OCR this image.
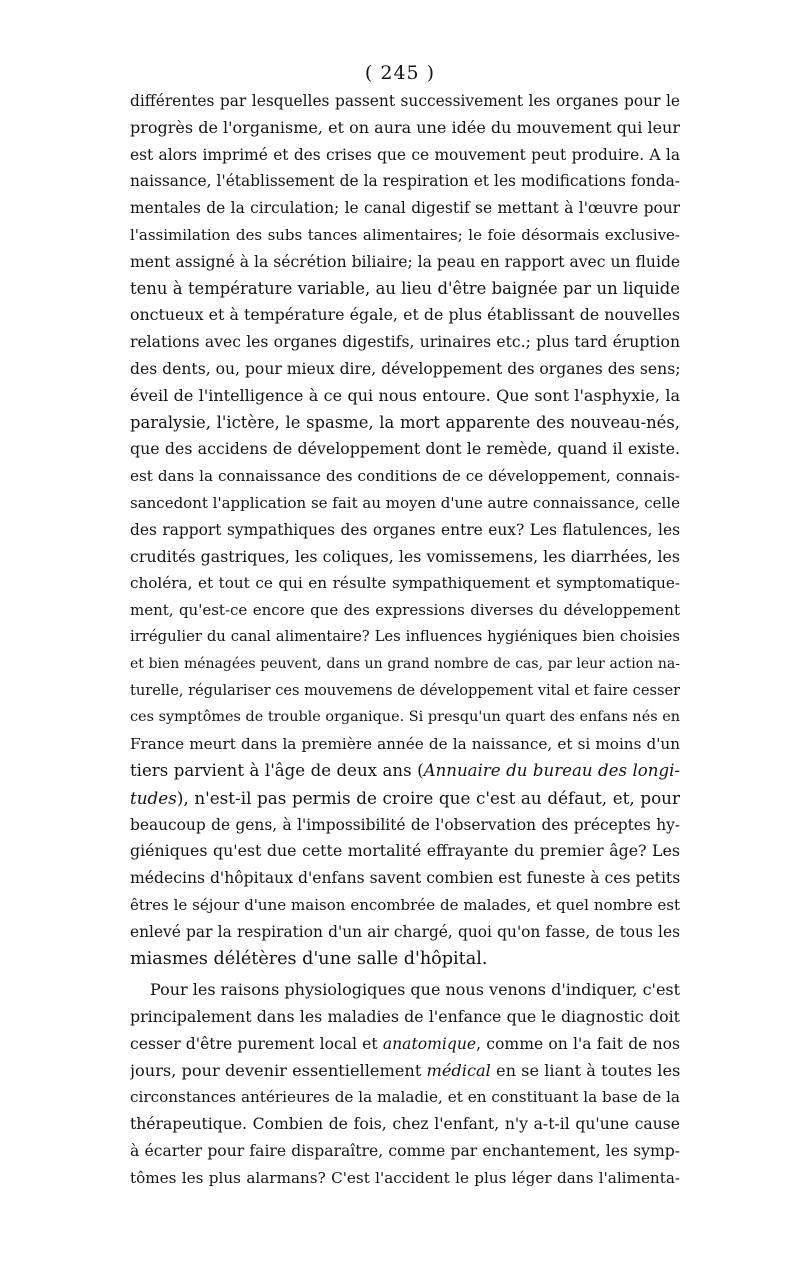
( 245 )
différentes par lesquelles passent successivement les organes pour le
progrès de l'organisme, et on aura une idée du mouvement qui leur
est alors imprimé et des crises que ce mouvement peut produire. A la
naissance, l'établissement de la respiration et les modifications fonda-
mentales de la circulation; le canal digestif se mettant à l'œuvre pour
l'assimilation des subs tances alimentaires; le foie désormais exclusive-
ment assigné à la sécrétion biliaire; la peau en rapport avec un fluide
tenu à température variable, au lieu d'être baignée par un liquide
onctueux et à température égale, et de plus établissant de nouvelles
relations avec les organes digestifs, urinaires etc.; plus tard éruption
des dents, ou, pour mieux dire, développement des organes des sens;
éveil de l'intelligence à ce qui nous entoure. Que sont l'asphyxie, la
paralysie, l'ictère, le spasme, la mort apparente des nouveau-nés,
que des accidens de développement dont le remède, quand il existe.
est dans la connaissance des conditions de ce développement, connais-
sancedont l'application se fait au moyen d'une autre connaissance, celle
des rapport sympathiques des organes entre eux? Les flatulences, les
crudités gastriques, les coliques, les vomissemens, les diarrhées, les
choléra, et tout ce qui en résulte sympathiquement et symptomatique-
ment, qu'est-ce encore que des expressions diverses du développement
irrégulier du canal alimentaire? Les influences hygiéniques bien choisies
et bien ménagées peuvent, dans un grand nombre de cas, par leur action na-
turelle, régulariser ces mouvemens de développement vital et faire cesser
ces symptômes de trouble organique. Si presqu'un quart des enfans nés en
France meurt dans la première année de la naissance, et si moins d'un
tiers parvient à l'âge de deux ans (Annuaire du bureau des longi-
tudes), n'est-il pas permis de croire que c'est au défaut, et, pour
beaucoup de gens, à l'impossibilité de l'observation des préceptes hy-
giéniques qu'est due cette mortalité effrayante du premier âge? Les
médecins d'hôpitaux d'enfans savent combien est funeste à ces petits
êtres le séjour d'une maison encombrée de malades, et quel nombre est
enlevé par la respiration d'un air chargé, quoi qu'on fasse, de tous les
miasmes délétères d'une salle d'hôpital.
Pour les raisons physiologiques que nous venons d'indiquer, c'est
principalement dans les maladies de l'enfance que le diagnostic doit
cesser d'être purement local et anatomique, comme on l'a fait de nos
jours, pour devenir essentiellement médical en se liant à toutes les
circonstances antérieures de la maladie, et en constituant la base de la
thérapeutique. Combien de fois, chez l'enfant, n'y a-t-il qu'une cause
à écarter pour faire disparaître, comme par enchantement, les symp-
tômes les plus alarmans? C'est l'accident le plus léger dans l'alimenta-
